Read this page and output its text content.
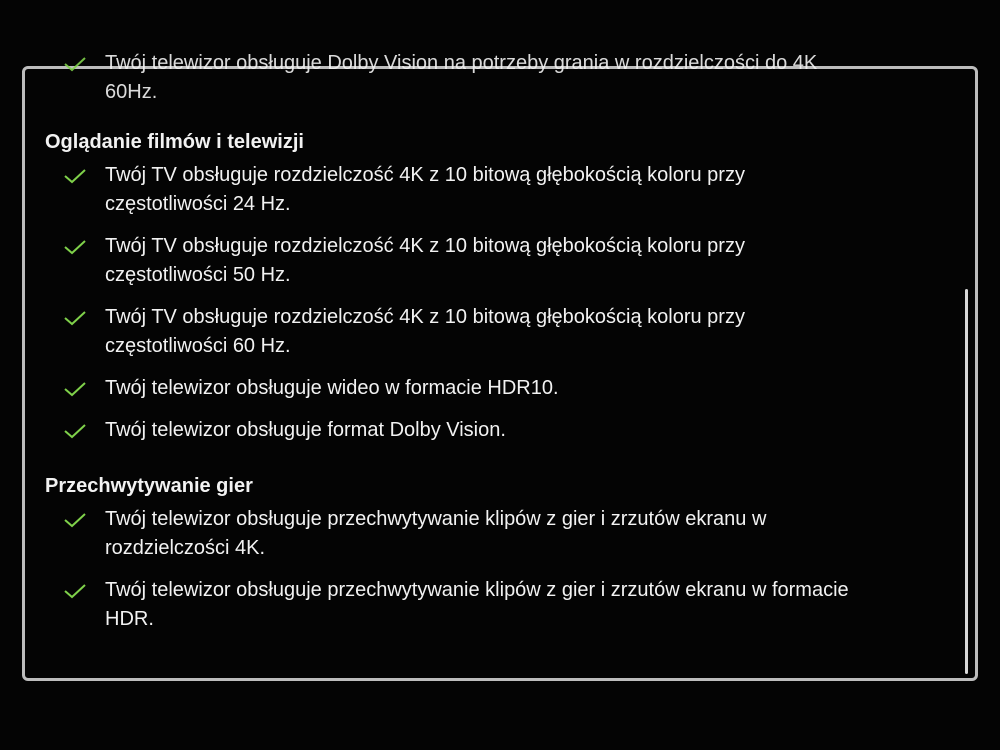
Twój telewizor obsługuje Dolby Vision na potrzeby grania w rozdzielczości do 4K
60Hz.
Oglądanie filmów i telewizji
Twój TV obsługuje rozdzielczość 4K z 10 bitową głębokością koloru przy
częstotliwości 24 Hz.
Twój TV obsługuje rozdzielczość 4K z 10 bitową głębokością koloru przy
częstotliwości 50 Hz.
Twój TV obsługuje rozdzielczość 4K z 10 bitową głębokością koloru przy
częstotliwości 60 Hz.
Twój telewizor obsługuje wideo w formacie HDR10.
Twój telewizor obsługuje format Dolby Vision.
Przechwytywanie gier
Twój telewizor obsługuje przechwytywanie klipów z gier i zrzutów ekranu w
rozdzielczości 4K.
Twój telewizor obsługuje przechwytywanie klipów z gier i zrzutów ekranu w formacie
HDR.
